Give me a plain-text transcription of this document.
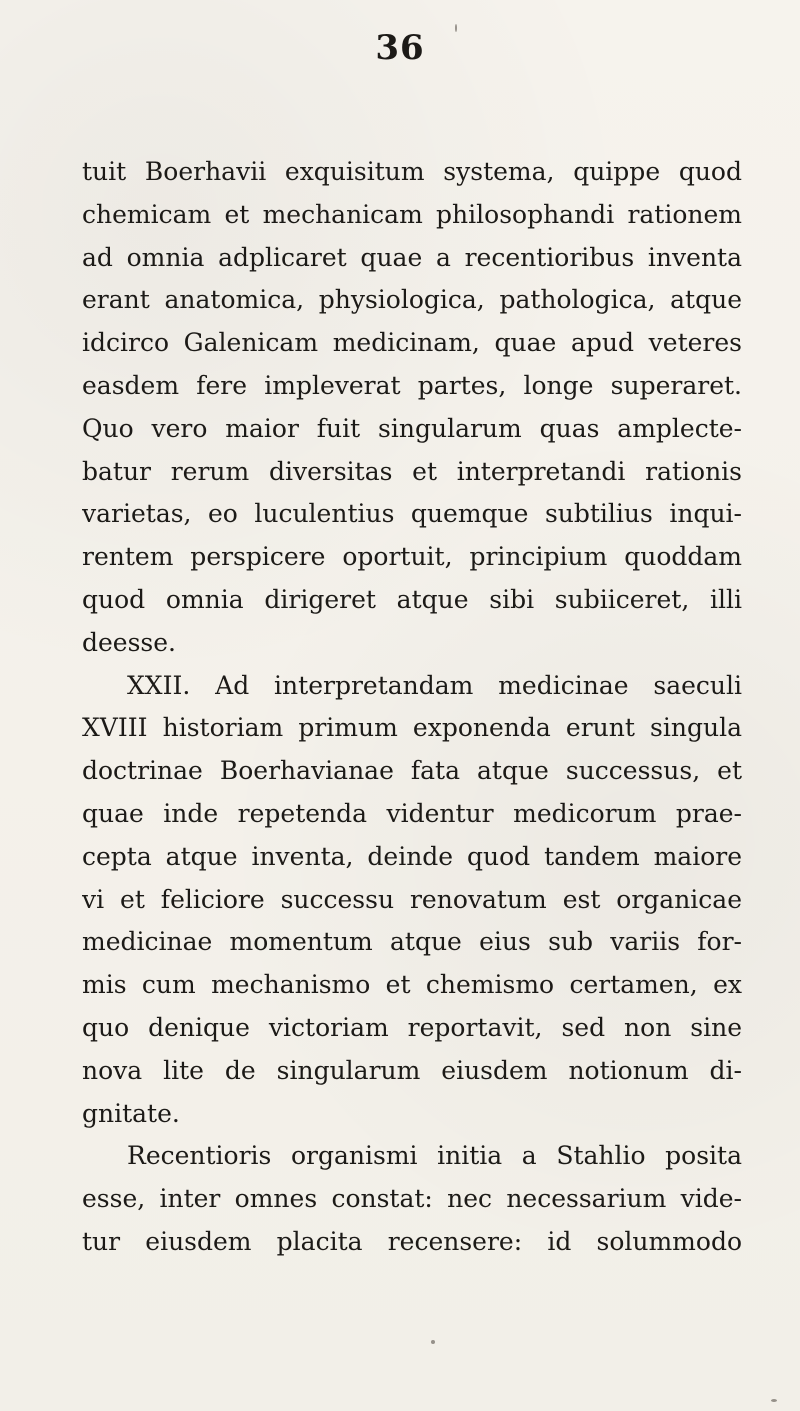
36
tuit Boerhavii exquisitum systema, quippe quod
chemicam et mechanicam philosophandi rationem
ad omnia adplicaret quae a recentioribus inventa
erant anatomica, physiologica, pathologica, atque
idcirco Galenicam medicinam, quae apud veteres
easdem fere impleverat partes, longe superaret.
Quo vero maior fuit singularum quas amplecte-
batur rerum diversitas et interpretandi rationis
varietas, eo luculentius quemque subtilius inqui-
rentem perspicere oportuit, principium quoddam
quod omnia dirigeret atque sibi subiiceret, illi
deesse.
XXII. Ad interpretandam medicinae saeculi
XVIII historiam primum exponenda erunt singula
doctrinae Boerhavianae fata atque successus, et
quae inde repetenda videntur medicorum prae-
cepta atque inventa, deinde quod tandem maiore
vi et feliciore successu renovatum est organicae
medicinae momentum atque eius sub variis for-
mis cum mechanismo et chemismo certamen, ex
quo denique victoriam reportavit, sed non sine
nova lite de singularum eiusdem notionum di-
gnitate.
Recentioris organismi initia a Stahlio posita
esse, inter omnes constat: nec necessarium vide-
tur eiusdem placita recensere: id solummodo
